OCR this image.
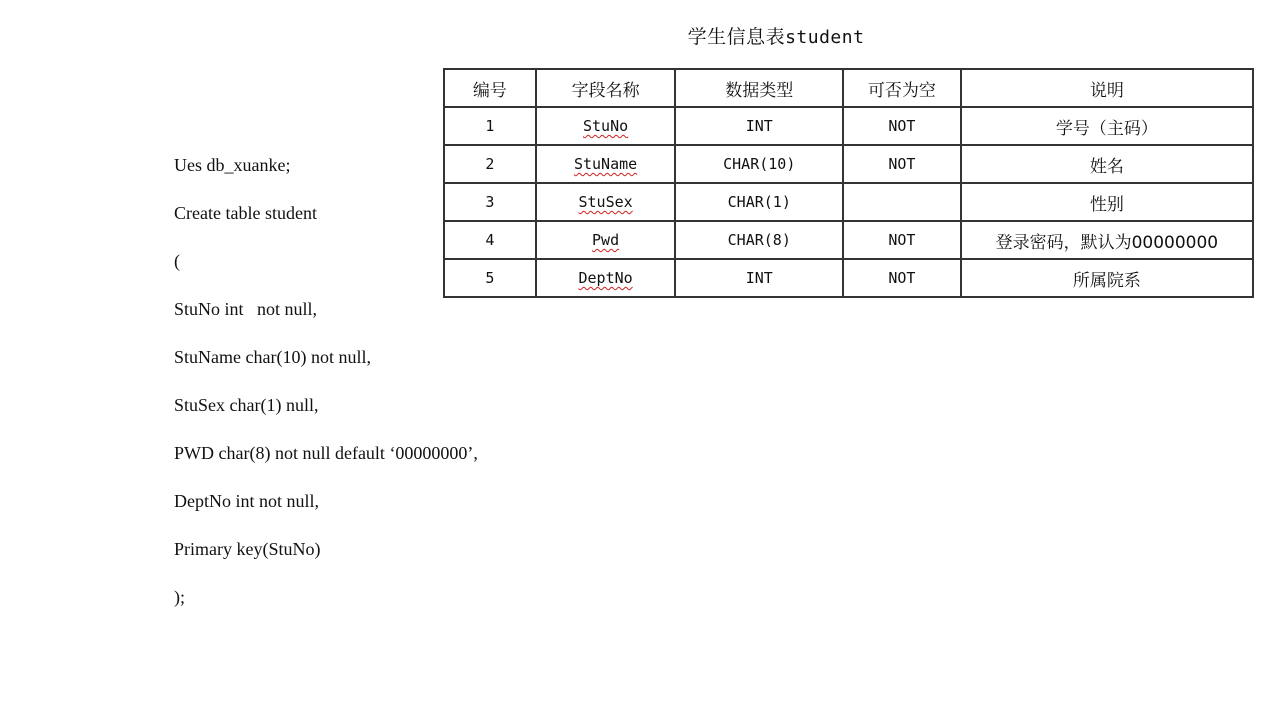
Ues db_xuanke;
Create table student
(
StuNo int   not null,
StuName char(10) not null,
StuSex char(1) null,
PWD char(8) not null default ‘00000000’,
DeptNo int not null,
Primary key(StuNo)
);
学生信息表student
编号	字段名称	数据类型	可否为空	说明
1	StuNo	INT	NOT	学号（主码）
2	StuName	CHAR(10)	NOT	姓名
3	StuSex	CHAR(1)		性别
4	Pwd	CHAR(8)	NOT	登录密码，默认为00000000
5	DeptNo	INT	NOT	所属院系
